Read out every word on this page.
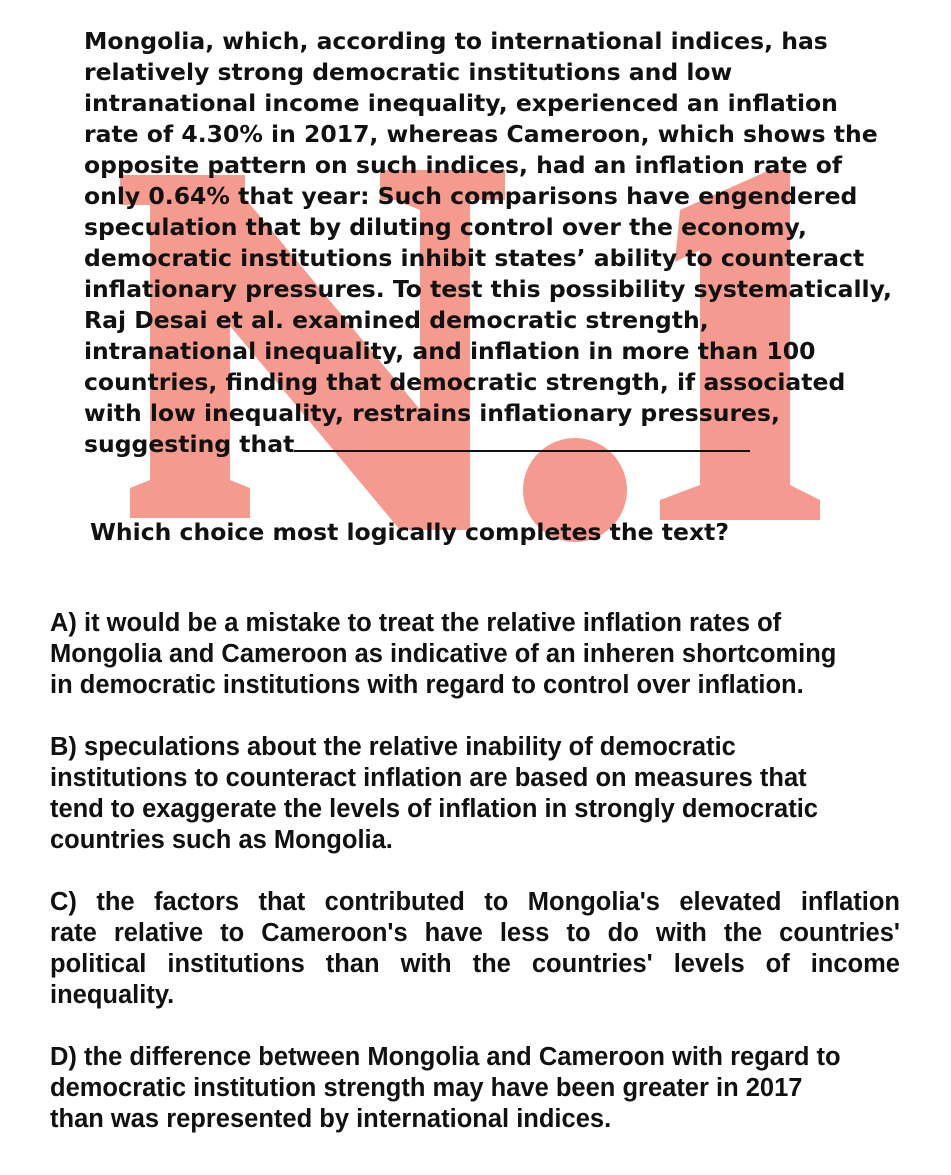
Mongolia, which, according to international indices, has
relatively strong democratic institutions and low
intranational income inequality, experienced an inflation
rate of 4.30% in 2017, whereas Cameroon, which shows the
opposite pattern on such indices, had an inflation rate of
only 0.64% that year: Such comparisons have engendered
speculation that by diluting control over the economy,
democratic institutions inhibit states’ ability to counteract
inflationary pressures. To test this possibility systematically,
Raj Desai et al. examined democratic strength,
intranational inequality, and inflation in more than 100
countries, finding that democratic strength, if associated
with low inequality, restrains inflationary pressures,
suggesting that

Which choice most logically completes the text?

A) it would be a mistake to treat the relative inflation rates of
Mongolia and Cameroon as indicative of an inheren shortcoming
in democratic institutions with regard to control over inflation.
B) speculations about the relative inability of democratic
institutions to counteract inflation are based on measures that
tend to exaggerate the levels of inflation in strongly democratic
countries such as Mongolia.
C) the factors that contributed to Mongolia's elevated inflation
rate relative to Cameroon's have less to do with the countries'
political institutions than with the countries' levels of income
inequality.
D) the difference between Mongolia and Cameroon with regard to
democratic institution strength may have been greater in 2017
than was represented by international indices.
